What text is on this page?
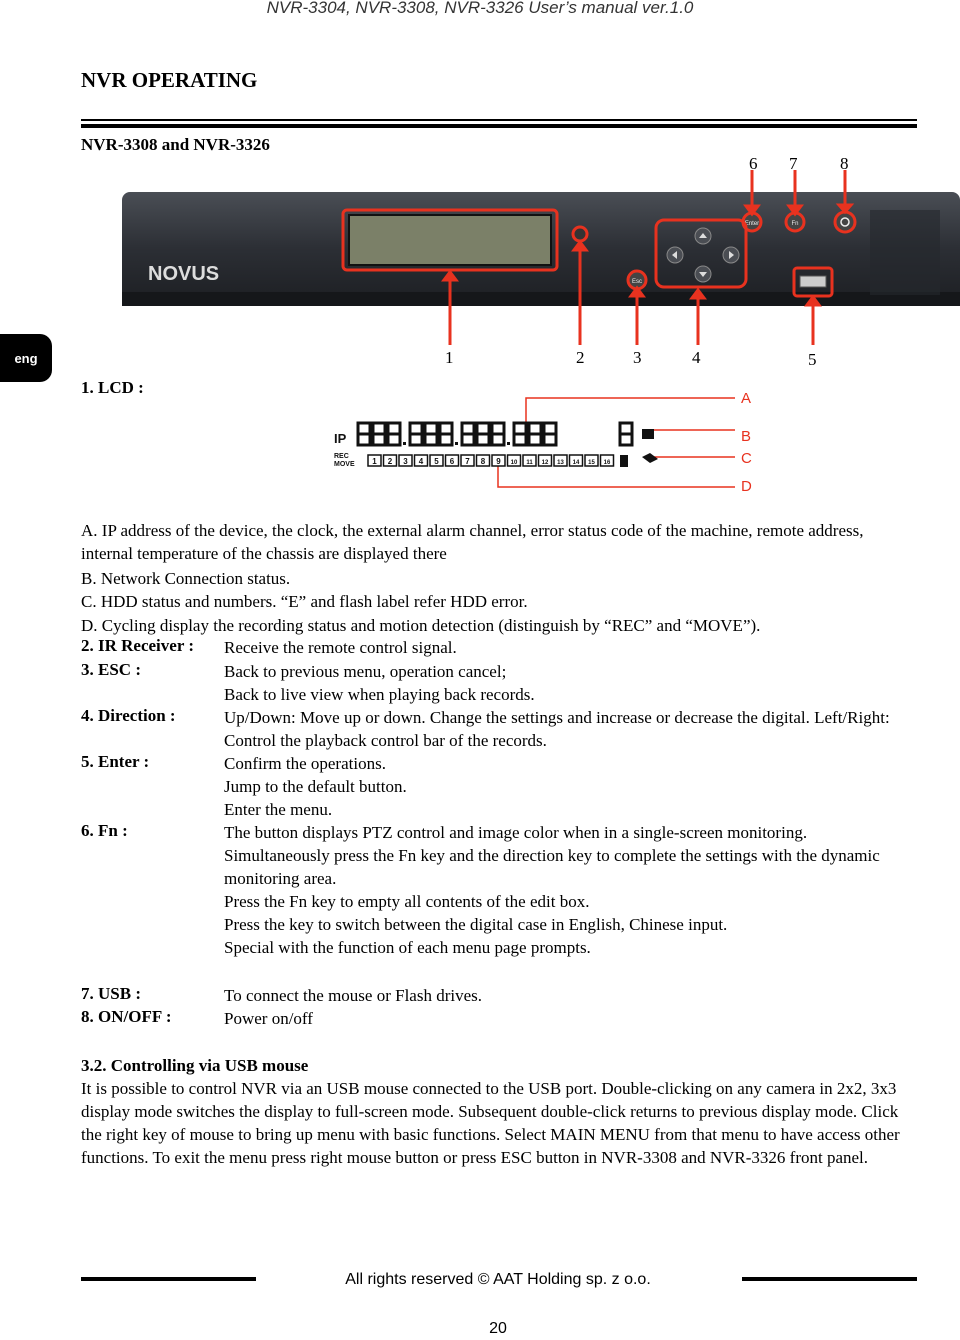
NVR-3304, NVR-3308, NVR-3326 User’s manual ver.1.0
NVR OPERATING
NVR-3308 and NVR-3326
6 7	8
NOVUS
Enter	Fn
Esc
1	2	3	4	5
eng
1. LCD :
A
B
C
D
IP
REC
MOVE 1 2 3 4 5 6 7 8 9 10 11 12 13 14 15 16
A. IP address of the device, the clock, the external alarm channel, error status code of the machine, remote address, internal temperature of the chassis are displayed there
B. Network Connection status.
C. HDD status and numbers. “E” and flash label refer HDD error.
D. Cycling display the recording status and motion detection (distinguish by “REC” and “MOVE”).
2. IR Receiver : Receive the remote control signal.
3. ESC :	Back to previous menu, operation cancel;
Back to live view when playing back records.
4. Direction :	Up/Down: Move up or down. Change the settings and increase or decrease the digital. Left/Right: Control the playback control bar of the records.
5. Enter :	Confirm the operations.
Jump to the default button.
Enter the menu.
6. Fn :	The button displays PTZ control and image color when in a single-screen monitoring.
Simultaneously press the Fn key and the direction key to complete the settings with the dynamic monitoring area.
Press the Fn key to empty all contents of the edit box.
Press the key to switch between the digital case in English, Chinese input.
Special with the function of each menu page prompts.
7. USB :	To connect the mouse or Flash drives.
8. ON/OFF :	Power on/off
3.2. Controlling via USB mouse
It is possible to control NVR via an USB mouse connected to the USB port. Double-clicking on any camera in 2x2, 3x3 display mode switches the display to full-screen mode. Subsequent double-click returns to previous display mode. Click the right key of mouse to bring up menu with basic functions. Select MAIN MENU from that menu to have access other functions. To exit the menu press right mouse button or press ESC button in NVR-3308 and NVR-3326 front panel.
All rights reserved © AAT Holding sp. z o.o.
20
